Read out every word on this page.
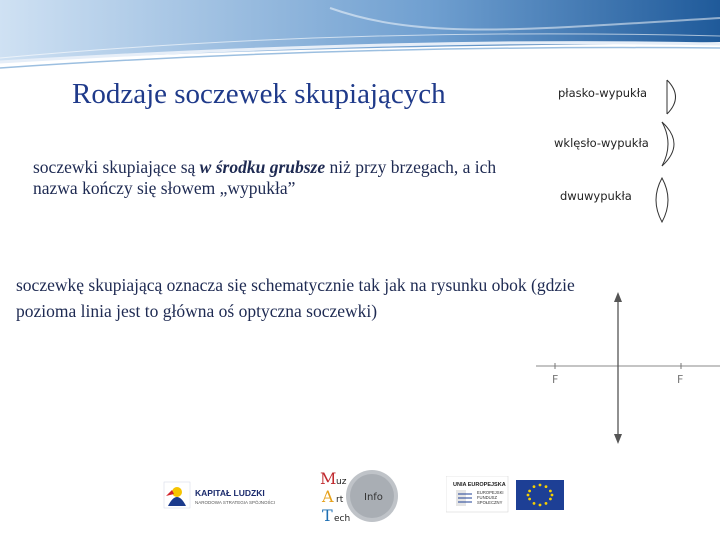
Rodzaje soczewek skupiających
soczewki skupiające są w środku grubsze niż przy brzegach, a ich nazwa kończy się słowem „wypukła”
soczewkę skupiającą oznacza się schematycznie tak jak na rysunku obok (gdzie pozioma linia jest to główna oś optyczna soczewki)
płasko-wypukła
wklęsło-wypukła
dwuwypukła
F	F
KAPITAŁ LUDZKI
NARODOWA STRATEGIA SPÓJNOŚCI
M uz
A rt
T ech
Info
UNIA EUROPEJSKA
EUROPEJSKI FUNDUSZ SPOŁECZNY
